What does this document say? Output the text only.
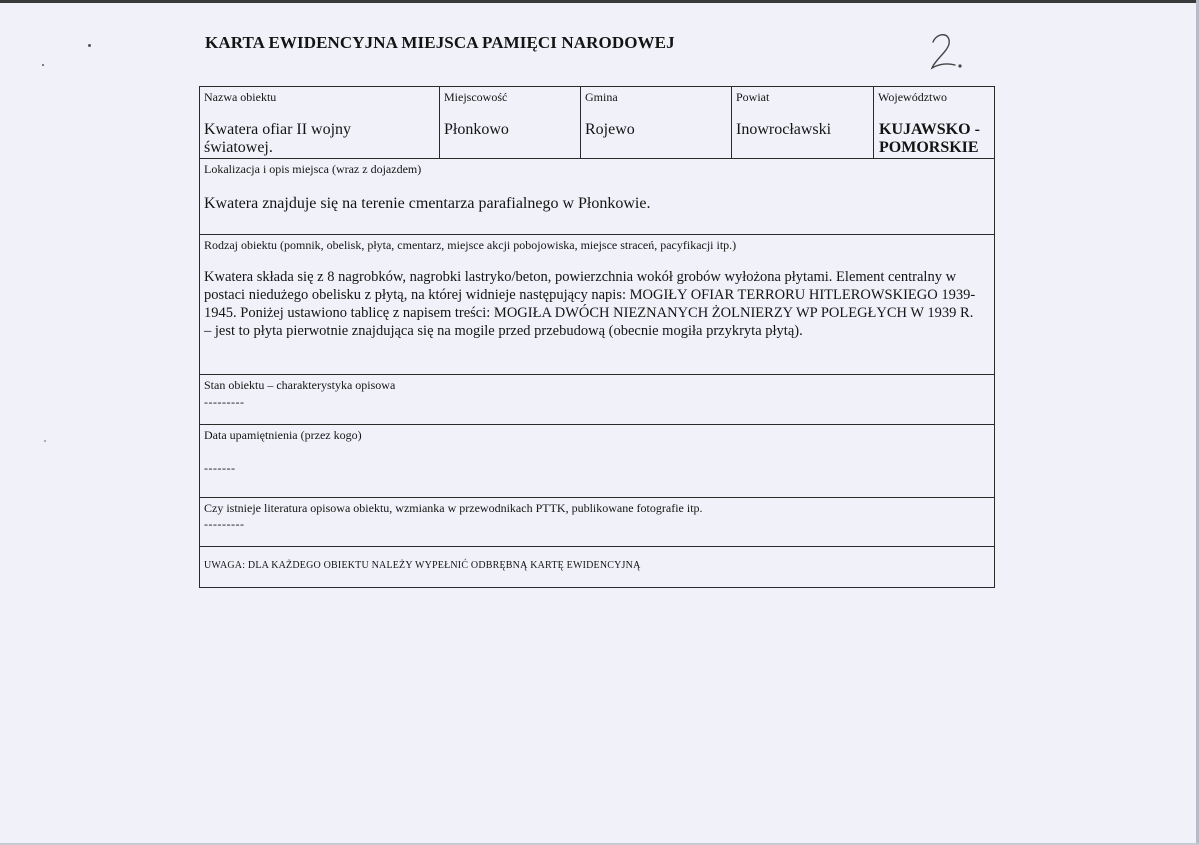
KARTA EWIDENCYJNA MIEJSCA PAMIĘCI NARODOWEJ
Nazwa obiektu
Kwatera ofiar II wojny światowej.
Miejscowość
Płonkowo
Gmina
Rojewo
Powiat
Inowrocławski
Województwo
KUJAWSKO - POMORSKIE
Lokalizacja i opis miejsca (wraz z dojazdem)
Kwatera znajduje się na terenie cmentarza parafialnego w Płonkowie.
Rodzaj obiektu (pomnik, obelisk, płyta, cmentarz, miejsce akcji pobojowiska, miejsce straceń, pacyfikacji itp.)
Kwatera składa się z 8 nagrobków, nagrobki lastryko/beton, powierzchnia wokół grobów wyłożona płytami. Element centralny w postaci niedużego obelisku z płytą, na której widnieje następujący napis: MOGIŁY OFIAR TERRORU HITLEROWSKIEGO 1939-1945. Poniżej ustawiono tablicę z napisem treści: MOGIŁA DWÓCH NIEZNANYCH ŻOLNIERZY WP POLEGŁYCH W 1939 R. – jest to płyta pierwotnie znajdująca się na mogile przed przebudową (obecnie mogiła przykryta płytą).
Stan obiektu – charakterystyka opisowa
---------
Data upamiętnienia (przez kogo)
-------
Czy istnieje literatura opisowa obiektu, wzmianka w przewodnikach PTTK, publikowane fotografie itp.
---------
UWAGA: DLA KAŻDEGO OBIEKTU NALEŻY WYPEŁNIĆ ODBRĘBNĄ KARTĘ EWIDENCYJNĄ
